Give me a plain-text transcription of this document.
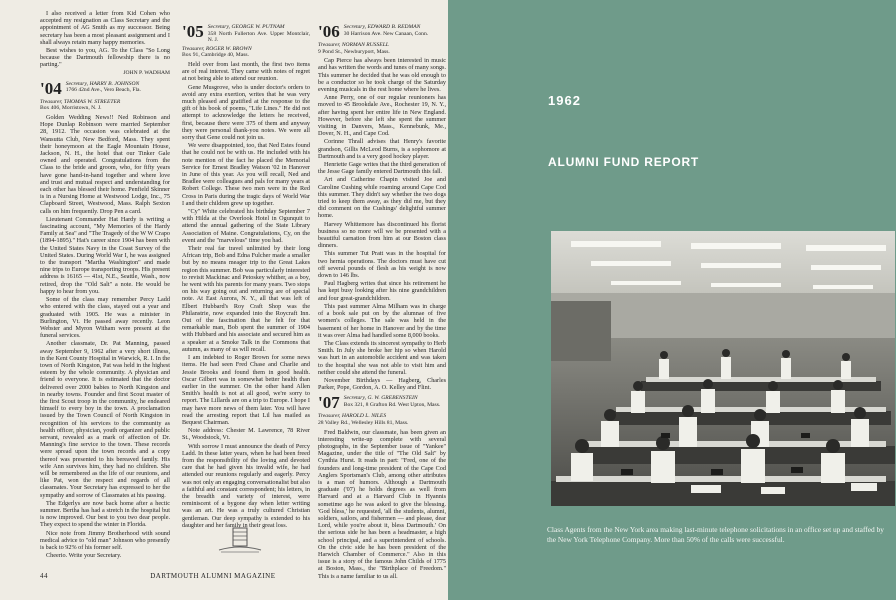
I also received a letter from Kid Cohen who accepted my resignation as Class Secretary and the appointment of AG Smith as my successor. Being secretary has been a most pleasant assignment and I shall always retain many happy memories.

Best wishes to you, AG. To the Class "So Long because the Dartmouth fellowship there is no parting."

JOHN P. WADHAM

'04 Secretary, HARRY B. JOHNSON
1766 42nd Ave., Vero Beach, Fla.
Treasurer, THOMAS W. STREETER
Box 406, Morristown, N. J.

Golden Wedding News!! Ned Robinson and Hope Dunlap Robinson were married September 28, 1912. The occasion was celebrated at the Wansutta Club, New Bedford, Mass. They spent their honeymoon at the Eagle Mountain House, Jackson, N. H., the hotel that our Tinker Gale owned and operated. Congratulations from the Class to the bride and groom, who, for fifty years have gone hand-in-hand together and where love and trust and mutual respect and understanding for each other has blessed their home. Penfield Skinner is in a Nursing Home at Westwood Lodge, Inc., 75 Clapboard Street, Westwood, Mass. Ralph Sexton calls on him frequently. Drop Pen a card.

Lieutenant Commander Hat Hardy is writing a fascinating account, "My Memories of the Hardy Family at Sea" and "The Tragedy of the W W Crapo (1894-1895)." Hat's career since 1904 has been with the United States Navy in the Coast Survey of the United States. During World War I, he was assigned to the transport "Martha Washington" and made nine trips to Europe transporting troops. His present address is 16165 — 41st, N.E., Seattle, Wash., now retired, drop the "Old Salt" a note. He would be happy to hear from you.

Some of the class may remember Percy Ladd who entered with the class, stayed out a year and graduated with 1905. He was a minister in Burlington, Vt. He passed away recently. Leon Webster and Myron Witham were present at the funeral services.

Another classmate, Dr. Pat Manning, passed away September 9, 1962 after a very short illness, in the Kent County Hospital in Warwick, R. I. In the town of North Kingston, Pat was held in the highest esteem by the whole community. A physician and friend to everyone. It is estimated that the doctor delivered over 2000 babies to North Kingston and in nearby towns. Founder and first Scout master of the first Scout troop in the community, he endeared himself to every boy in the town. A proclamation issued by the Town Council of North Kingston in recognition of his services to the community as health officer, physician, youth organizer and public servant, revealed as a mark of affection of Dr. Manning's fine service to the town. These records were spread upon the town records and a copy thereof was presented to his bereaved family. His wife Ann survives him, they had no children. She will be remembered as the life of our reunions, and like Pat, won the respect and regards of all classmates. Your Secretary has expressed to her the sympathy and sorrow of Classmates at his passing.

The Edgerlys are now back home after a hectic summer. Bertha has had a stretch in the hospital but is now improved. Our best to you two dear people. They expect to spend the winter in Florida.

Nice note from Jimmy Brotherhood with sound medical advice to "old man" Johnson who presently is back to 92% of his former self.

Cheerio. Write your Secretary.

'05 Secretary, GEORGE W. PUTNAM
358 North Fullerton Ave. Upper Montclair, N. J.
Treasurer, ROGER W. BROWN
Box 91, Cambridge 40, Mass.

Held over from last month, the first two items are of real interest. They came with notes of regret at not being able to attend our reunion.

Gene Musgrove, who is under doctor's orders to avoid any extra exertion, writes that he was very much pleased and gratified at the response to the gift of his book of poems, "Life Lines." He did not attempt to acknowledge the letters he received, first, because there were 375 of them and anyway they were personal thank-you notes. We were all sorry that Gene could not join us.

We were disappointed, too, that Ned Estes found that he could not be with us. He included with his note mention of the fact he placed the Memorial Service for Ernest Bradley Watson '02 in Hanover in June of this year. As you will recall, Ned and Bradlee were colleagues and pals for many years at Robert College. These two men were in the Red Cross in Paris during the tragic days of World War I and their children grew up together.

"Cy" White celebrated his birthday September 7 with Hilda at the Overlook Hotel in Ogunquit to attend the annual gathering of the State Library Association of Maine. Congratulations, Cy, on the event and the "marvelous" time you had.

Their real far travel unlimited by their long African trip, Bob and Edna Fulcher made a smaller but by no means meager trip to the Great Lakes region this summer. Bob was particularly interested to revisit Mackinac and Petoskey whither, as a boy, he went with his parents for many years. Two stops on his way going out and returning are of special note. At East Aurora, N. Y., all that was left of Elbert Hubbard's Roy Craft Shop was the Philanstrie, now expanded into the Roycraft Inn. Out of the fascination that he felt for that remarkable man, Bob spent the summer of 1904 with Hubbard and his associate and secured him as a speaker at a Smoke Talk in the Commons that autumn, as many of us will recall.

I am indebted to Roger Brown for some news items. He had seen Fred Chase and Charlie and Jessie Brooks and found them in good health. Oscar Gilbert was in somewhat better health than earlier in the summer. On the other hand Allen Smith's health is not at all good, we're sorry to report. The Lillards are on a trip to Europe. I hope I may have more news of them later. You will have read the arresting report that Lil has mailed as Bequest Chairman.

Note address: Chester M. Lawrence, 78 River St., Woodstock, Vt.

With sorrow I must announce the death of Percy Ladd. In these latter years, when he had been freed from the responsibility of the loving and devoted care that he had given his invalid wife, he had attended our reunions regularly and eagerly. Percy was not only an engaging conversationalist but also a faithful and constant correspondent; his letters, in the breadth and variety of interest, were reminiscent of a bygone day when letter writing was an art. He was a truly cultured Christian gentleman. Our deep sympathy is extended to his daughter and her family in their great loss.

'06 Secretary, EDWARD B. REDMAN
30 Harrison Ave. New Canaan, Conn.
Treasurer, NORMAN RUSSELL
9 Pond St., Newburyport, Mass.

Cap Pierce has always been interested in music and has written the words and tunes of many songs. This summer he decided that he was old enough to be a conductor so he took charge of the Saturday evening musicals in the rest home where he lives.

Anne Perry, one of our regular reunioners has moved to 45 Brookdale Ave., Rochester 19, N. Y., after having spent her entire life in New England. However, before she left she spent the summer visiting in Danvers, Mass., Kennebunk, Me., Dover, N. H., and Cape Cod.

Corinne Thrall advises that Henry's favorite grandson, Gillis McLeod Burns, is a sophomore at Dartmouth and is a very good hockey player.

Henriette Gage writes that the third generation of the Jesse Gage family entered Dartmouth this fall.

Art and Catherine Chapin visited Joe and Caroline Cushing while roaming around Cape Cod this summer. They didn't say whether the two dogs tried to keep them away, as they did me, but they did comment on the Cushings' delightful summer home.

Harvey Whittemore has discontinued his florist business so no more will we be presented with a beautiful carnation from him at our Boston class dinners.

This summer Tut Pratt was in the hospital for two hernia operations. The doctors must have cut off several pounds of flesh as his weight is now down to 146 lbs.

Paul Hagberg writes that since his retirement he has kept busy looking after his nine grandchildren and four great-grandchildren.

This past summer Alma Milham was in charge of a book sale put on by the alumnae of five women's colleges. The sale was held in the basement of her home in Hanover and by the time it was over Alma had handled some 8,000 books.

The Class extends its sincerest sympathy to Herb Smith. In July she broke her hip so when Harold was hurt in an automobile accident and was taken to the hospital she was not able to visit him and neither could she attend the funeral.

November Birthdays — Hagberg, Charles Parker, Pope, Gordon, A. O. Kelley and Flint.

'07 Secretary, G. W. GREBENSTEIN
Box 321, 8 Grafton Rd. West Upton, Mass.
Treasurer, HAROLD L. NILES
28 Valley Rd., Wellesley Hills 81, Mass.

Fred Baldwin, our classmate, has been given an interesting write-up complete with several photographs, in the September issue of "Yankee" Magazine, under the title of "The Old Salt" by Cynthia Hurst. It reads in part: "Fred, one of the founders and long-time president of the Cape Cod Anglers Sportsman's Club, among other attributes is a man of humors. Although a Dartmouth graduate ('07) he holds degrees as well from Harvard and at a Harvard Club in Hyannis sometime ago he was asked to give the blessing. 'God bless,' he requested, 'all the students, alumni, soldiers, sailors, and fishermen — and please, dear Lord, while you're about it, bless Dartmouth.' On the serious side he has been a headmaster, a high school principal, and a superintendent of schools. On the civic side he has been president of the Harwich Chamber of Commerce." Also in this issue is a story of the famous John Childs of 1775 at Boston, Mass., the "Birthplace of Freedom." This is a name familiar to us all.

44	DARTMOUTH ALUMNI MAGAZINE
1962
ALUMNI FUND REPORT
Class Agents from the New York area making last-minute telephone solicitations in an office set up and staffed by the New York Telephone Company. More than 50% of the calls were successful.
